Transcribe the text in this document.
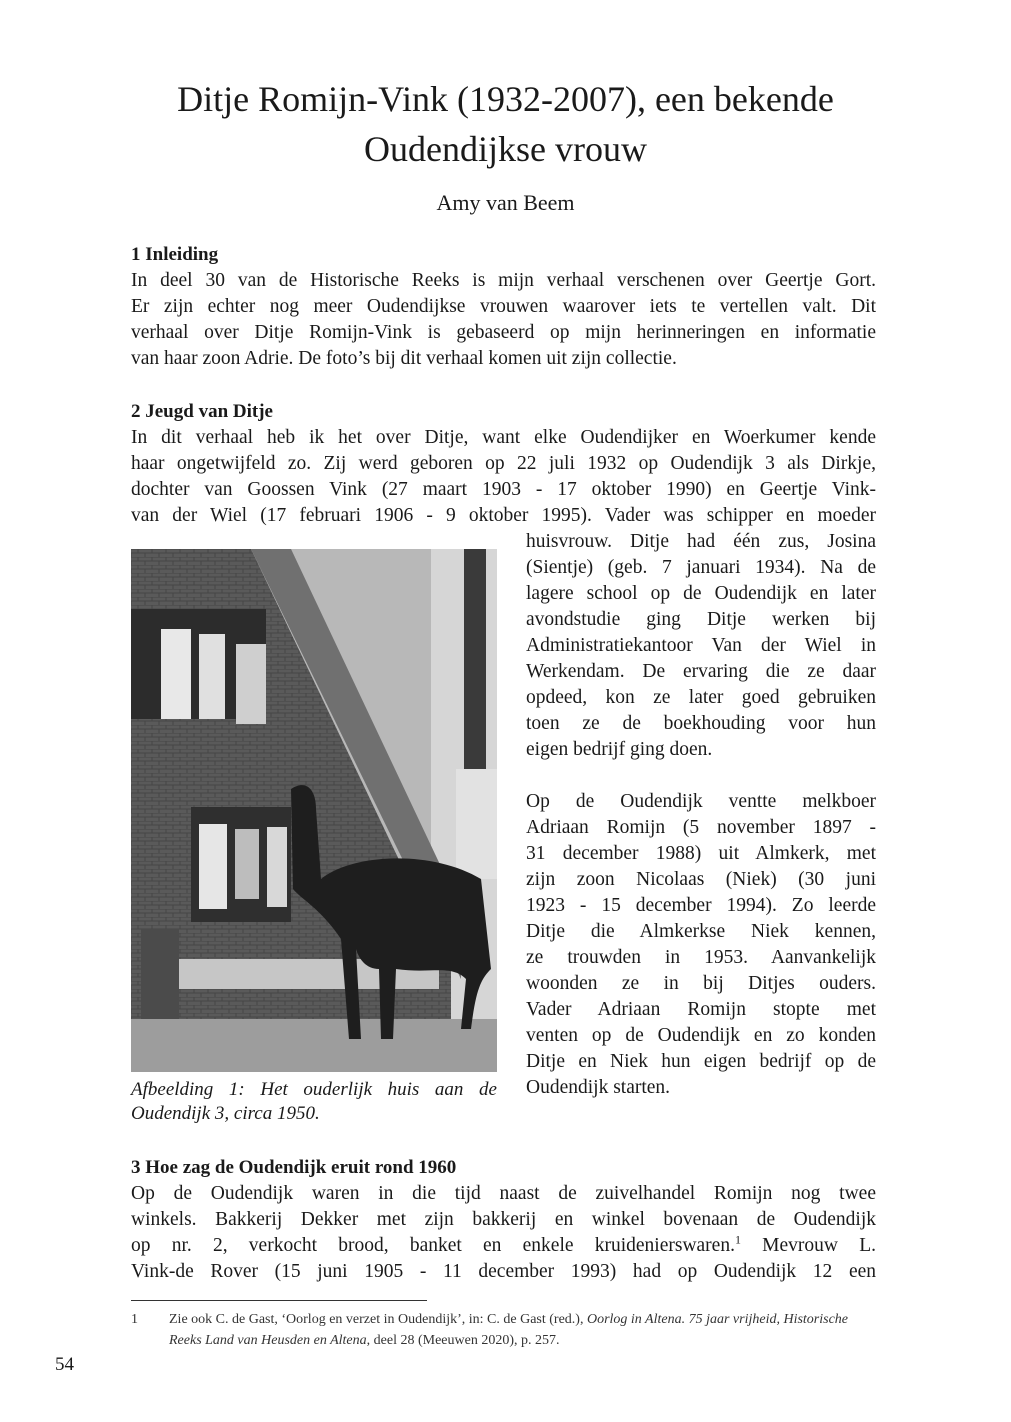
Ditje Romijn-Vink (1932-2007), een bekende
Oudendijkse vrouw
Amy van Beem
1 Inleiding
In deel 30 van de Historische Reeks is mijn verhaal verschenen over Geertje Gort.
Er zijn echter nog meer Oudendijkse vrouwen waarover iets te vertellen valt. Dit
verhaal over Ditje Romijn-Vink is gebaseerd op mijn herinneringen en informatie
van haar zoon Adrie. De foto’s bij dit verhaal komen uit zijn collectie.
2 Jeugd van Ditje
In dit verhaal heb ik het over Ditje, want elke Oudendijker en Woerkumer kende
haar ongetwijfeld zo. Zij werd geboren op 22 juli 1932 op Oudendijk 3 als Dirkje,
dochter van Goossen Vink (27 maart 1903 - 17 oktober 1990) en Geertje Vink-
van der Wiel (17 februari 1906 - 9 oktober 1995). Vader was schipper en moeder
Afbeelding 1: Het ouderlijk huis aan de
Oudendijk 3, circa 1950.
huisvrouw. Ditje had één zus, Josina
(Sientje) (geb. 7 januari 1934). Na de
lagere school op de Oudendijk en later
avondstudie ging Ditje werken bij
Administratiekantoor Van der Wiel in
Werkendam. De ervaring die ze daar
opdeed, kon ze later goed gebruiken
toen ze de boekhouding voor hun
eigen bedrijf ging doen.
Op de Oudendijk ventte melkboer
Adriaan Romijn (5 november 1897 -
31 december 1988) uit Almkerk, met
zijn zoon Nicolaas (Niek) (30 juni
1923 - 15 december 1994). Zo leerde
Ditje die Almkerkse Niek kennen,
ze trouwden in 1953. Aanvankelijk
woonden ze in bij Ditjes ouders.
Vader Adriaan Romijn stopte met
venten op de Oudendijk en zo konden
Ditje en Niek hun eigen bedrijf op de
Oudendijk starten.
3 Hoe zag de Oudendijk eruit rond 1960
Op de Oudendijk waren in die tijd naast de zuivelhandel Romijn nog twee
winkels. Bakkerij Dekker met zijn bakkerij en winkel bovenaan de Oudendijk
op nr. 2, verkocht brood, banket en enkele kruidenierswaren.$^1$ Mevrouw L.
Vink-de Rover (15 juni 1905 - 11 december 1993) had op Oudendijk 12 een
1 Zie ook C. de Gast, ‘Oorlog en verzet in Oudendijk’, in: C. de Gast (red.), Oorlog in Altena. 75 jaar vrijheid, Historische Reeks Land van Heusden en Altena, deel 28 (Meeuwen 2020), p. 257.
54
